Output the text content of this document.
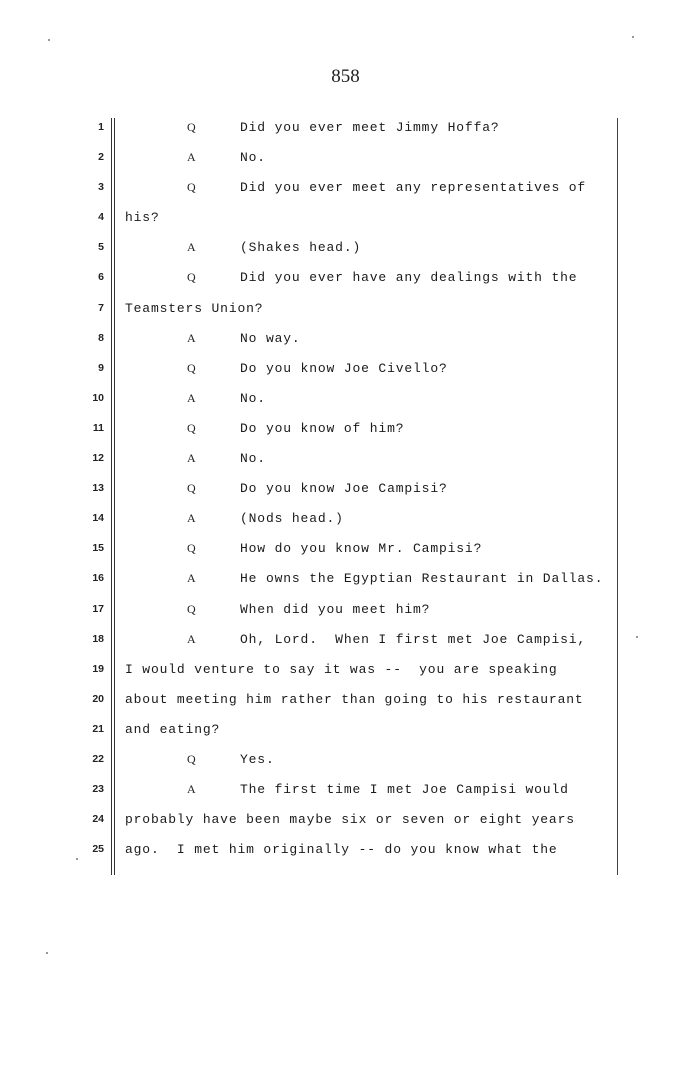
858
1	Q	Did you ever meet Jimmy Hoffa?
2	A	No.
3	Q	Did you ever meet any representatives of
4 his?
5	A	(Shakes head.)
6	Q	Did you ever have any dealings with the
7 Teamsters Union?
8	A	No way.
9	Q	Do you know Joe Civello?
10	A	No.
11	Q	Do you know of him?
12	A	No.
13	Q	Do you know Joe Campisi?
14	A	(Nods head.)
15	Q	How do you know Mr. Campisi?
16	A	He owns the Egyptian Restaurant in Dallas.
17	Q	When did you meet him?
18	A	Oh, Lord.  When I first met Joe Campisi,
19 I would venture to say it was --  you are speaking
20 about meeting him rather than going to his restaurant
21 and eating?
22	Q	Yes.
23	A	The first time I met Joe Campisi would
24 probably have been maybe six or seven or eight years
25 ago.  I met him originally -- do you know what the
